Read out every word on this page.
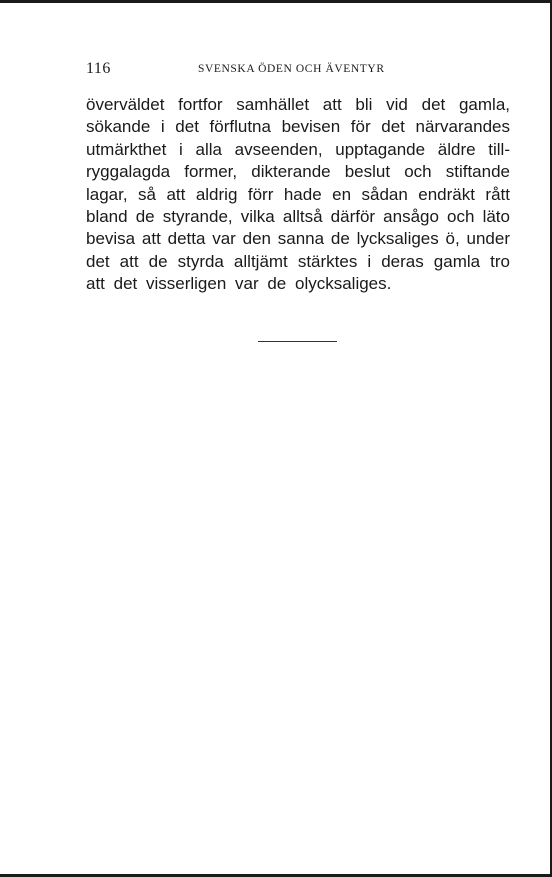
116	SVENSKA ÖDEN OCH ÄVENTYR
överväldet fortfor samhället att bli vid det gamla,
sökande i det förflutna bevisen för det närvarandes
utmärkthet i alla avseenden, upptagande äldre till-
ryggalagda former, dikterande beslut och stiftande
lagar, så att aldrig förr hade en sådan endräkt rått
bland de styrande, vilka alltså därför ansågo och läto
bevisa att detta var den sanna de lycksaliges ö, under
det att de styrda alltjämt stärktes i deras gamla tro
att det visserligen var de olycksaliges.
